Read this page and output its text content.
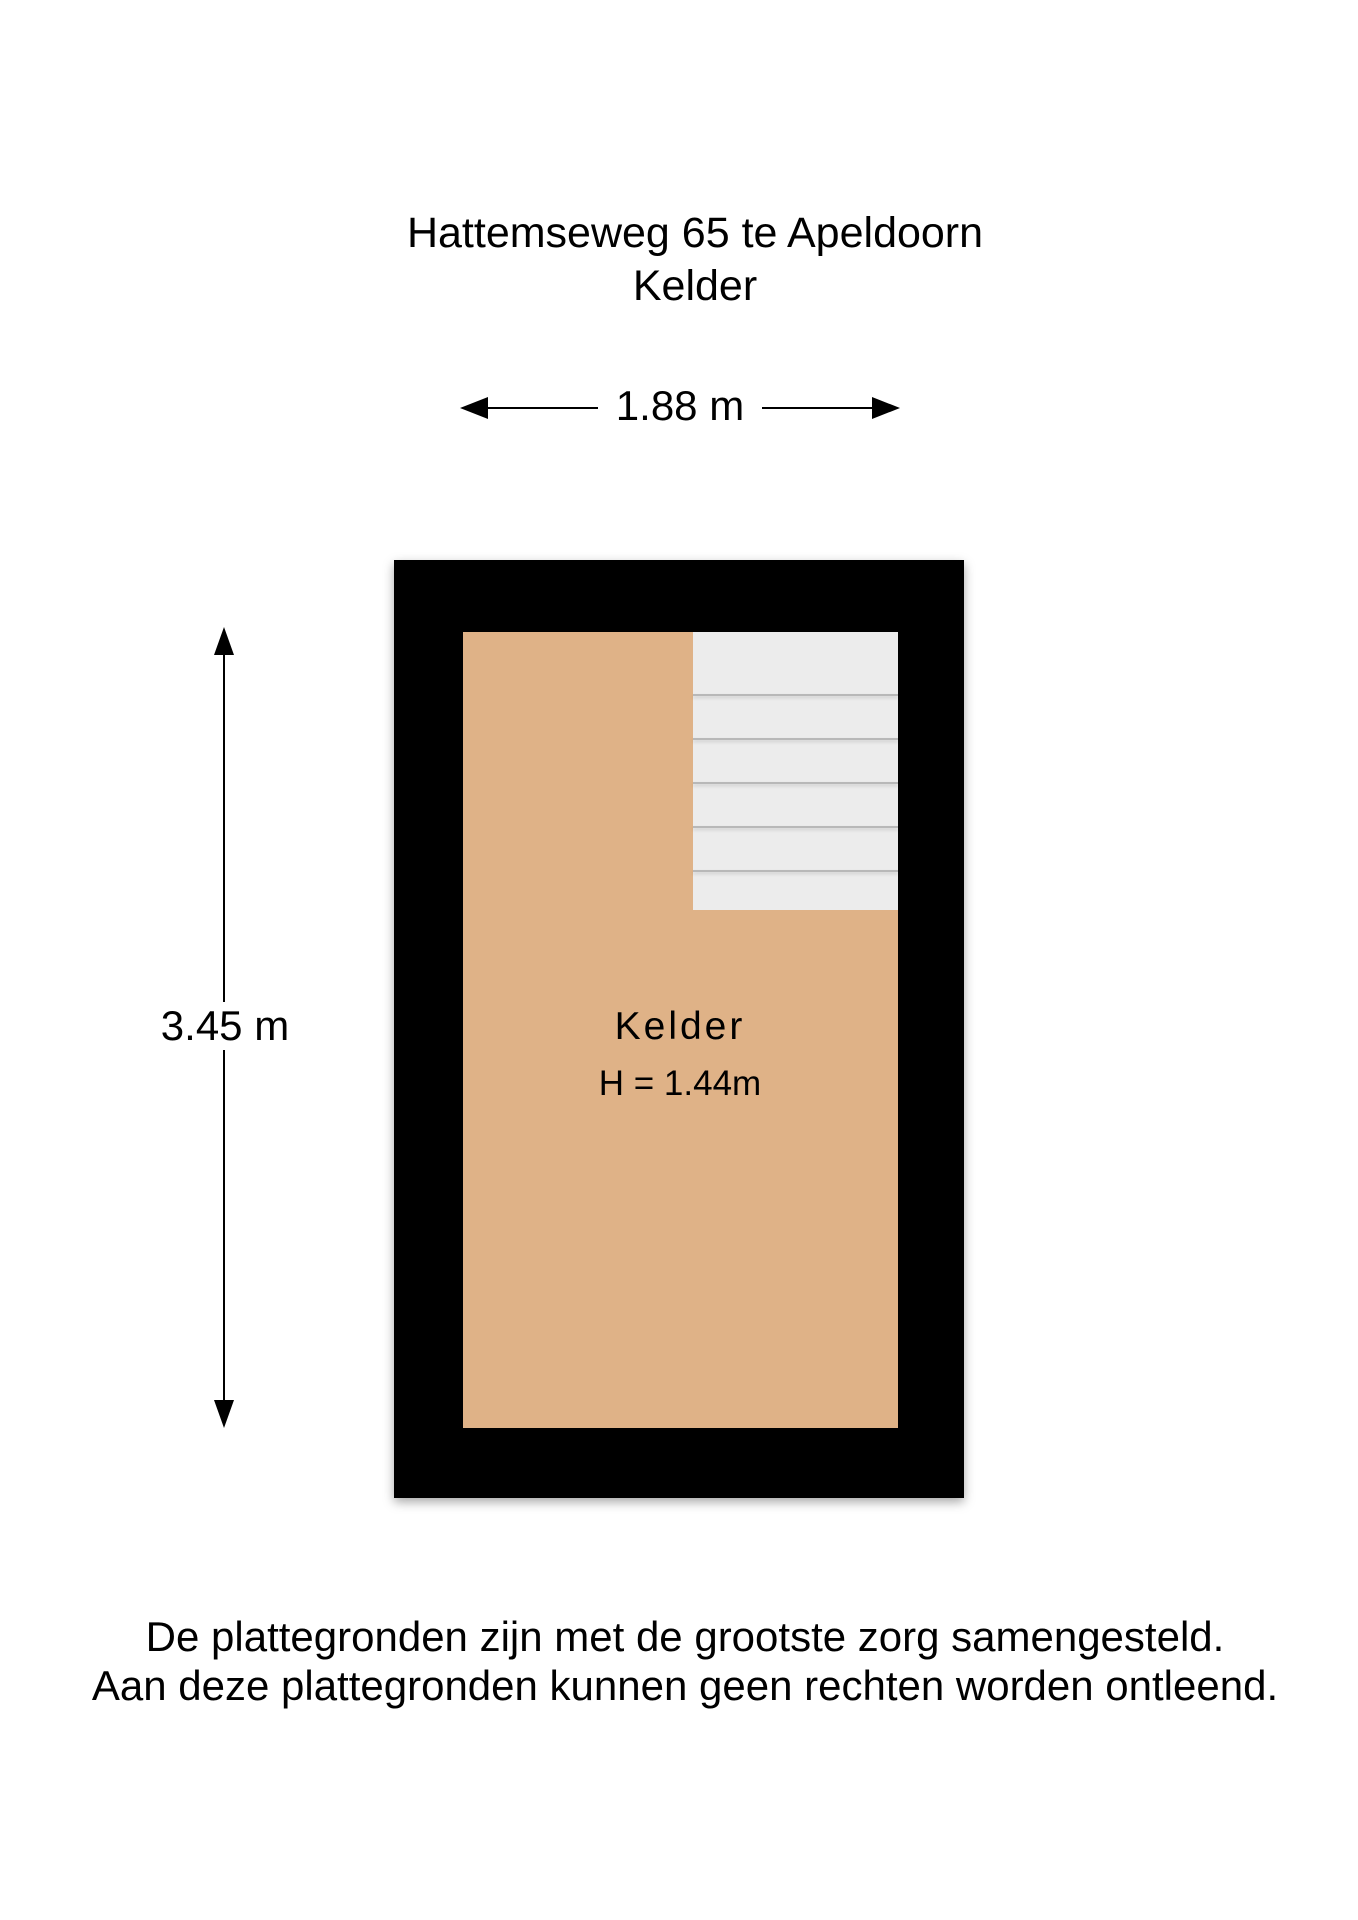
Hattemseweg 65 te Apeldoorn
Kelder
1.88 m
3.45 m	Kelder
H = 1.44m
De plattegronden zijn met de grootste zorg samengesteld.
Aan deze plattegronden kunnen geen rechten worden ontleend.
